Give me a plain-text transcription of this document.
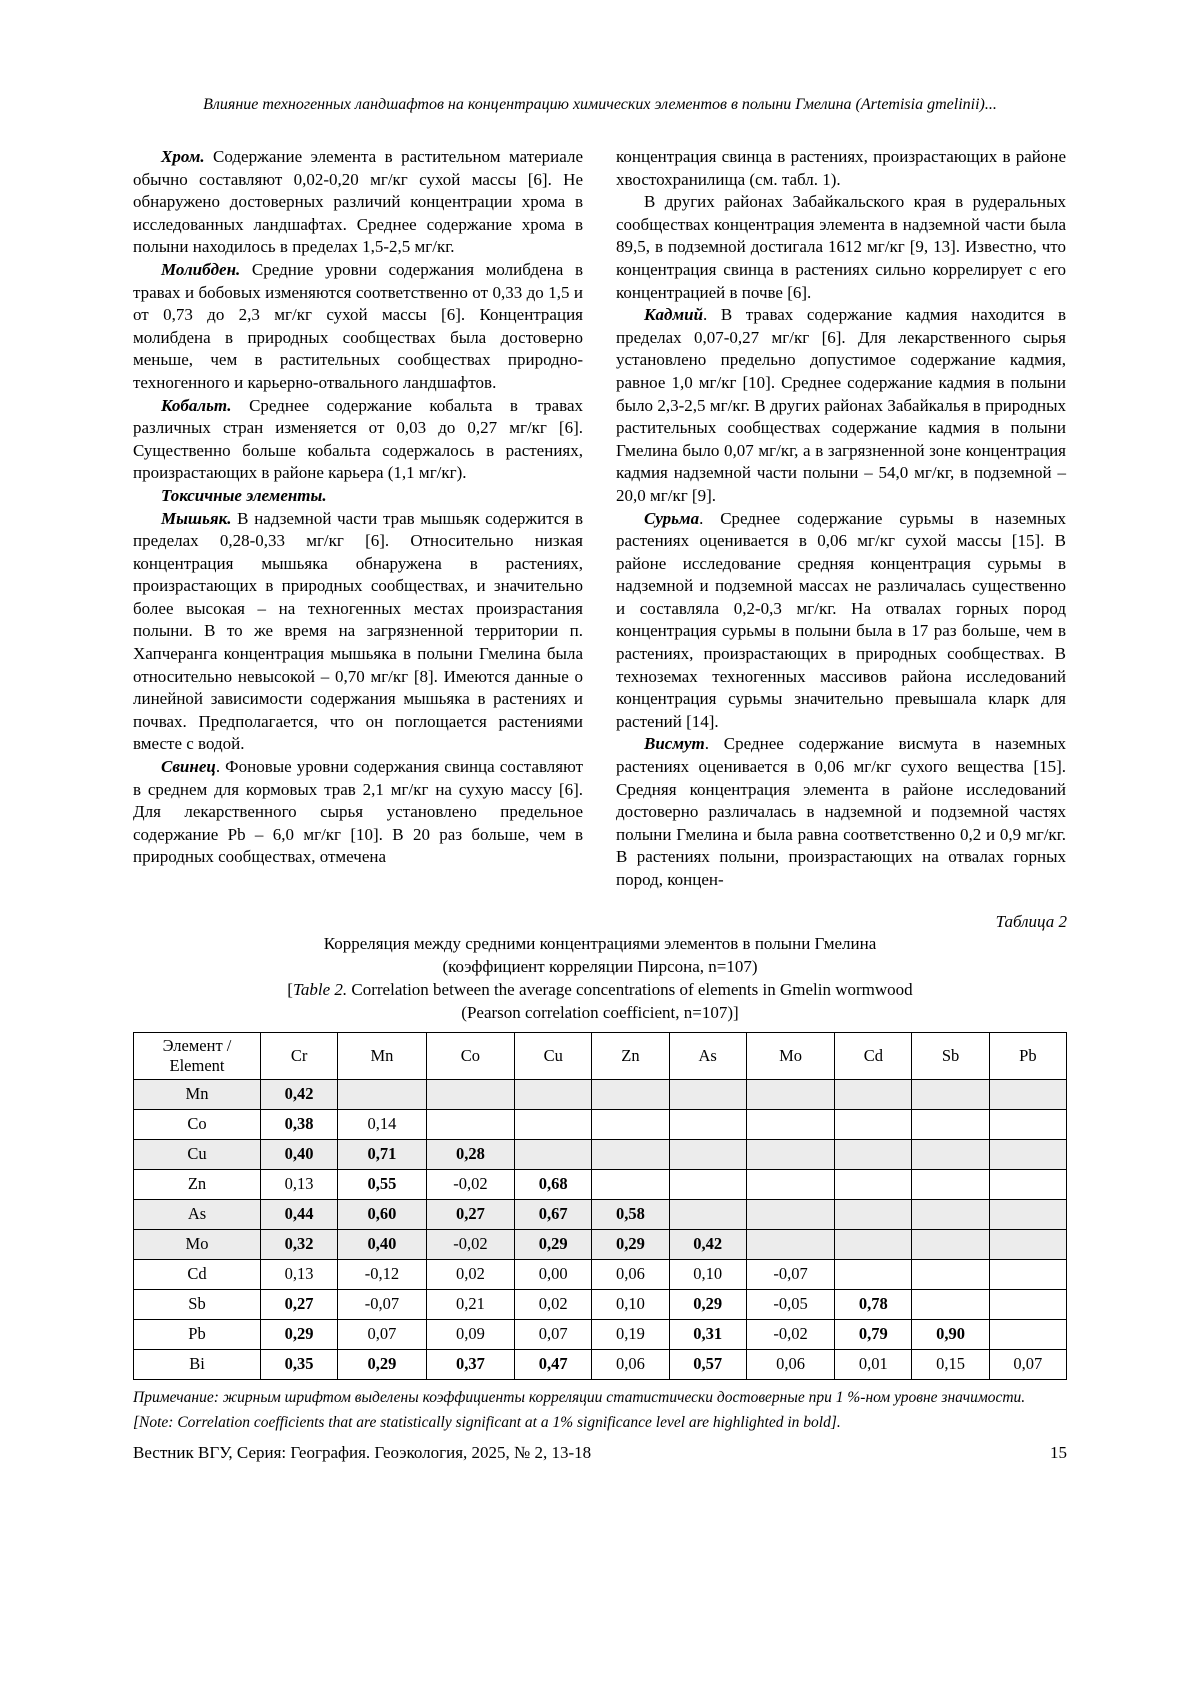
Влияние техногенных ландшафтов на концентрацию химических элементов в полыни Гмелина (Artemisia gmelinii)...

Хром. Содержание элемента в растительном материале обычно составляют 0,02-0,20 мг/кг сухой массы [6]. Не обнаружено достоверных различий концентрации хрома в исследованных ландшафтах. Среднее содержание хрома в полыни находилось в пределах 1,5-2,5 мг/кг.

Молибден. Средние уровни содержания молибдена в травах и бобовых изменяются соответственно от 0,33 до 1,5 и от 0,73 до 2,3 мг/кг сухой массы [6]. Концентрация молибдена в природных сообществах была достоверно меньше, чем в растительных сообществах природно-техногенного и карьерно-отвального ландшафтов.

Кобальт. Среднее содержание кобальта в травах различных стран изменяется от 0,03 до 0,27 мг/кг [6]. Существенно больше кобальта содержалось в растениях, произрастающих в районе карьера (1,1 мг/кг).

Токсичные элементы.

Мышьяк. В надземной части трав мышьяк содержится в пределах 0,28-0,33 мг/кг [6]. Относительно низкая концентрация мышьяка обнаружена в растениях, произрастающих в природных сообществах, и значительно более высокая – на техногенных местах произрастания полыни. В то же время на загрязненной территории п. Хапчеранга концентрация мышьяка в полыни Гмелина была относительно невысокой – 0,70 мг/кг [8]. Имеются данные о линейной зависимости содержания мышьяка в растениях и почвах. Предполагается, что он поглощается растениями вместе с водой.

Свинец. Фоновые уровни содержания свинца составляют в среднем для кормовых трав 2,1 мг/кг на сухую массу [6]. Для лекарственного сырья установлено предельное содержание Pb – 6,0 мг/кг [10]. В 20 раз больше, чем в природных сообществах, отмечена

концентрация свинца в растениях, произрастающих в районе хвостохранилища (см. табл. 1).

В других районах Забайкальского края в рудеральных сообществах концентрация элемента в надземной части была 89,5, в подземной достигала 1612 мг/кг [9, 13]. Известно, что концентрация свинца в растениях сильно коррелирует с его концентрацией в почве [6].

Кадмий. В травах содержание кадмия находится в пределах 0,07-0,27 мг/кг [6]. Для лекарственного сырья установлено предельно допустимое содержание кадмия, равное 1,0 мг/кг [10]. Среднее содержание кадмия в полыни было 2,3-2,5 мг/кг. В других районах Забайкалья в природных растительных сообществах содержание кадмия в полыни Гмелина было 0,07 мг/кг, а в загрязненной зоне концентрация кадмия надземной части полыни – 54,0 мг/кг, в подземной – 20,0 мг/кг [9].

Сурьма. Среднее содержание сурьмы в наземных растениях оценивается в 0,06 мг/кг сухой массы [15]. В районе исследование средняя концентрация сурьмы в надземной и подземной массах не различалась существенно и составляла 0,2-0,3 мг/кг. На отвалах горных пород концентрация сурьмы в полыни была в 17 раз больше, чем в растениях, произрастающих в природных сообществах. В техноземах техногенных массивов района исследований концентрация сурьмы значительно превышала кларк для растений [14].

Висмут. Среднее содержание висмута в наземных растениях оценивается в 0,06 мг/кг сухого вещества [15]. Средняя концентрация элемента в районе исследований достоверно различалась в надземной и подземной частях полыни Гмелина и была равна соответственно 0,2 и 0,9 мг/кг. В растениях полыни, произрастающих на отвалах горных пород, концен-

Таблица 2
Корреляция между средними концентрациями элементов в полыни Гмелина
(коэффициент корреляции Пирсона, n=107)
[Table 2. Correlation between the average concentrations of elements in Gmelin wormwood
(Pearson correlation coefficient, n=107)]
Элемент / Element	Cr	Mn	Co	Cu	Zn	As	Mo	Cd	Sb	Pb
Mn	0,42									
Co	0,38	0,14								
Cu	0,40	0,71	0,28							
Zn	0,13	0,55	-0,02	0,68						
As	0,44	0,60	0,27	0,67	0,58					
Mo	0,32	0,40	-0,02	0,29	0,29	0,42				
Cd	0,13	-0,12	0,02	0,00	0,06	0,10	-0,07			
Sb	0,27	-0,07	0,21	0,02	0,10	0,29	-0,05	0,78		
Pb	0,29	0,07	0,09	0,07	0,19	0,31	-0,02	0,79	0,90	
Bi	0,35	0,29	0,37	0,47	0,06	0,57	0,06	0,01	0,15	0,07
Примечание: жирным шрифтом выделены коэффициенты корреляции статистически достоверные при 1 %-ном уровне значимости.
[Note: Correlation coefficients that are statistically significant at a 1% significance level are highlighted in bold].
Вестник ВГУ, Серия: География. Геоэкология, 2025, № 2, 13-18	15
